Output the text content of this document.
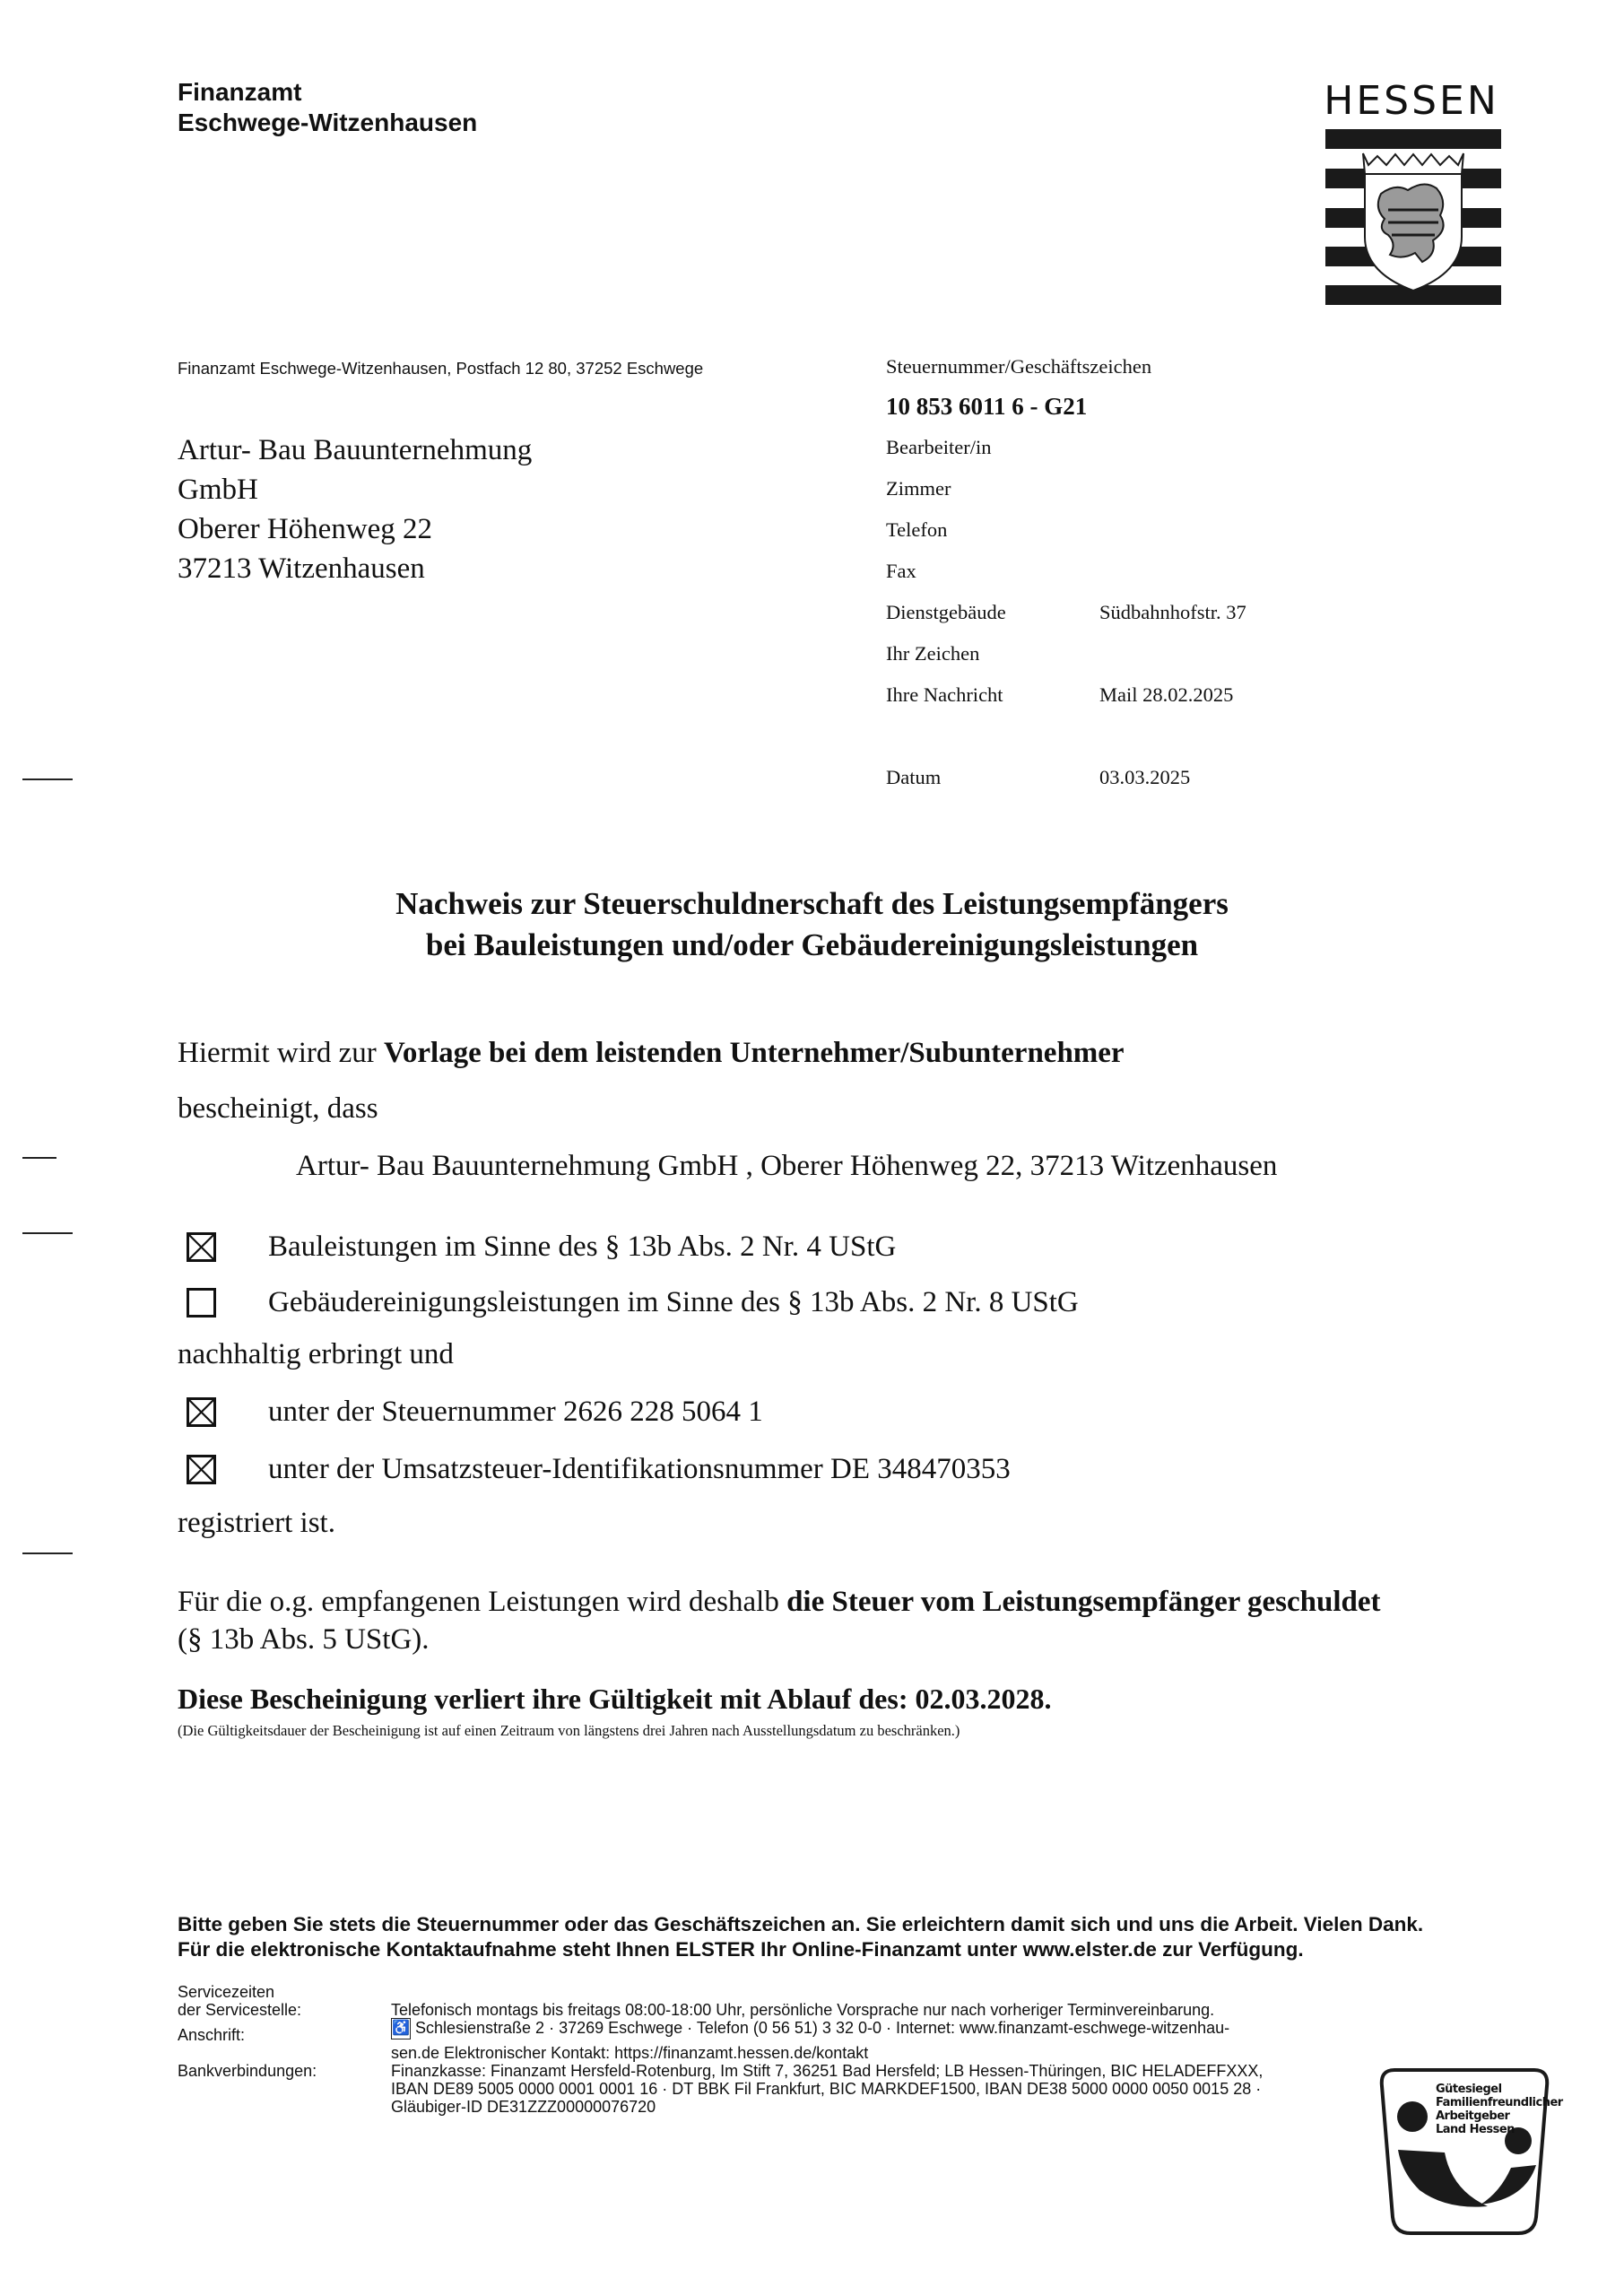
Finanzamt
Eschwege-Witzenhausen	HESSEN
Finanzamt Eschwege-Witzenhausen, Postfach 12 80, 37252 Eschwege
Artur- Bau Bauunternehmung
GmbH
Oberer Höhenweg 22
37213 Witzenhausen
Steuernummer/Geschäftszeichen
10 853 6011 6 - G21
Bearbeiter/in
Zimmer
Telefon
Fax
Dienstgebäude	Südbahnhofstr. 37
Ihr Zeichen
Ihre Nachricht	Mail 28.02.2025
Datum	03.03.2025
Nachweis zur Steuerschuldnerschaft des Leistungsempfängers
bei Bauleistungen und/oder Gebäudereinigungsleistungen
Hiermit wird zur Vorlage bei dem leistenden Unternehmer/Subunternehmer
bescheinigt, dass
Artur- Bau Bauunternehmung GmbH , Oberer Höhenweg 22, 37213 Witzenhausen
Bauleistungen im Sinne des § 13b Abs. 2 Nr. 4 UStG
Gebäudereinigungsleistungen im Sinne des § 13b Abs. 2 Nr. 8 UStG
nachhaltig erbringt und
unter der Steuernummer 2626 228 5064 1
unter der Umsatzsteuer-Identifikationsnummer DE 348470353
registriert ist.
Für die o.g. empfangenen Leistungen wird deshalb die Steuer vom Leistungsempfänger geschuldet
(§ 13b Abs. 5 UStG).
Diese Bescheinigung verliert ihre Gültigkeit mit Ablauf des: 02.03.2028.
(Die Gültigkeitsdauer der Bescheinigung ist auf einen Zeitraum von längstens drei Jahren nach Ausstellungsdatum zu beschränken.)
Bitte geben Sie stets die Steuernummer oder das Geschäftszeichen an. Sie erleichtern damit sich und uns die Arbeit. Vielen Dank.
Für die elektronische Kontaktaufnahme steht Ihnen ELSTER Ihr Online-Finanzamt unter www.elster.de zur Verfügung.
Servicezeiten
der Servicestelle:	Telefonisch montags bis freitags 08:00-18:00 Uhr, persönliche Vorsprache nur nach vorheriger Terminvereinbarung.
Anschrift:	♿ Schlesienstraße 2 · 37269 Eschwege · Telefon (0 56 51) 3 32 0-0 · Internet: www.finanzamt-eschwege-witzenhau-
sen.de Elektronischer Kontakt: https://finanzamt.hessen.de/kontakt
Bankverbindungen:	Finanzkasse: Finanzamt Hersfeld-Rotenburg, Im Stift 7, 36251 Bad Hersfeld; LB Hessen-Thüringen, BIC HELADEFFXXX,
IBAN DE89 5005 0000 0001 0001 16 · DT BBK Fil Frankfurt, BIC MARKDEF1500, IBAN DE38 5000 0000 0050 0015 28 ·
Gläubiger-ID DE31ZZZ00000076720
Gütesiegel
Familienfreundlicher
Arbeitgeber
Land Hessen
